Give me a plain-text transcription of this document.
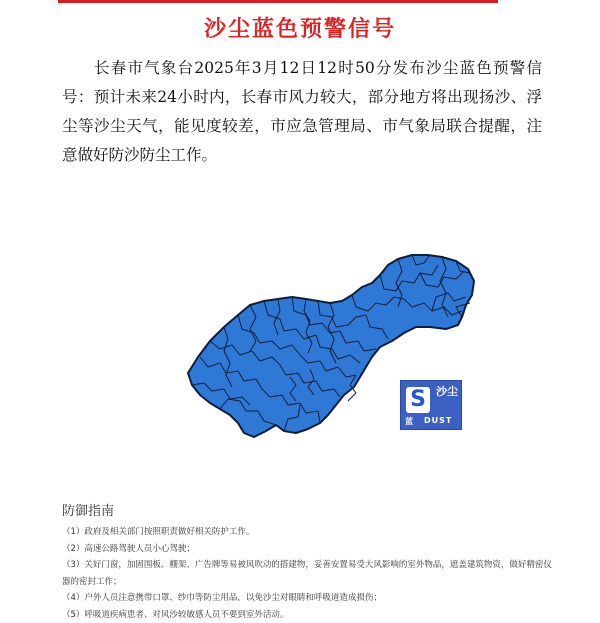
沙尘蓝色预警信号

长春市气象台2025年3月12日12时50分发布沙尘蓝色预警信号：预计未来24小时内，长春市风力较大，部分地方将出现扬沙、浮尘等沙尘天气，能见度较差，市应急管理局、市气象局联合提醒，注意做好防沙防尘工作。

S 沙尘
蓝 DUST
防御指南
（1）政府及相关部门按照职责做好相关防护工作。
（2）高速公路驾驶人员小心驾驶；
（3）关好门窗，加固围板、棚架、广告牌等易被风吹动的搭建物，妥善安置易受大风影响的室外物品，遮盖建筑物资，做好精密仪器的密封工作；
（4）户外人员注意携带口罩、纱巾等防尘用品，以免沙尘对眼睛和呼吸道造成损伤；
（5）呼吸道疾病患者、对风沙较敏感人员不要到室外活动。
